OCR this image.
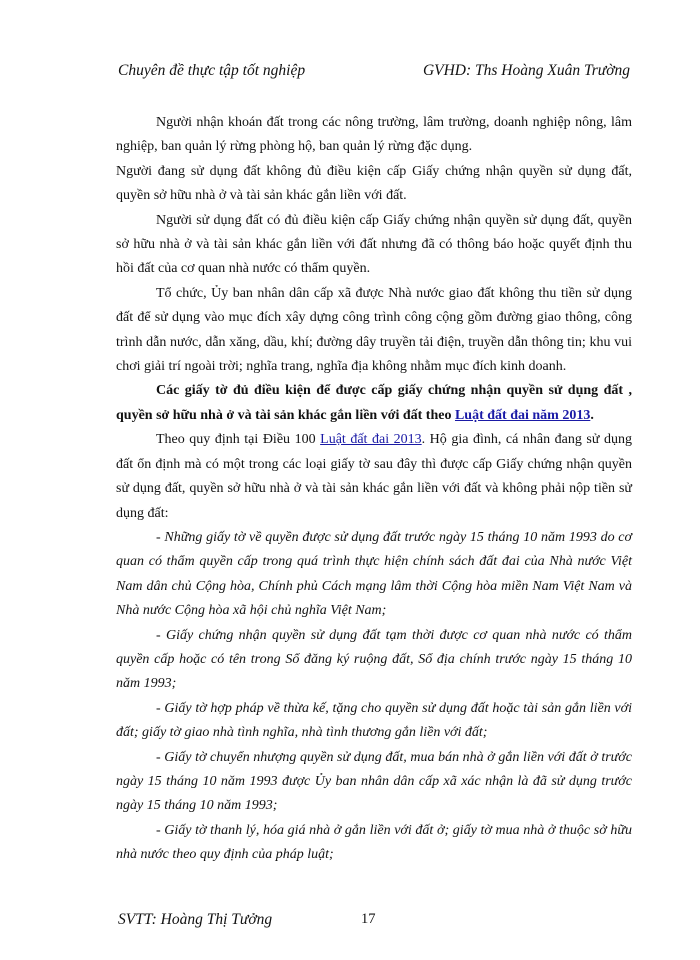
Chuyên đề thực tập tốt nghiệp	GVHD: Ths Hoàng Xuân Trường

Người nhận khoán đất trong các nông trường, lâm trường, doanh nghiệp nông, lâm nghiệp, ban quản lý rừng phòng hộ, ban quản lý rừng đặc dụng.

Người đang sử dụng đất không đủ điều kiện cấp Giấy chứng nhận quyền sử dụng đất, quyền sở hữu nhà ở và tài sản khác gắn liền với đất.

Người sử dụng đất có đủ điều kiện cấp Giấy chứng nhận quyền sử dụng đất, quyền sở hữu nhà ở và tài sản khác gắn liền với đất nhưng đã có thông báo hoặc quyết định thu hồi đất của cơ quan nhà nước có thẩm quyền.

Tổ chức, Ủy ban nhân dân cấp xã được Nhà nước giao đất không thu tiền sử dụng đất để sử dụng vào mục đích xây dựng công trình công cộng gồm đường giao thông, công trình dẫn nước, dẫn xăng, dầu, khí; đường dây truyền tải điện, truyền dẫn thông tin; khu vui chơi giải trí ngoài trời; nghĩa trang, nghĩa địa không nhằm mục đích kinh doanh.

Các giấy tờ đủ điều kiện để được cấp giấy chứng nhận quyền sử dụng đất , quyền sở hữu nhà ở và tài sản khác gắn liền với đất theo Luật đất đai năm 2013.

Theo quy định tại Điều 100 Luật đất đai 2013. Hộ gia đình, cá nhân đang sử dụng đất ổn định mà có một trong các loại giấy tờ sau đây thì được cấp Giấy chứng nhận quyền sử dụng đất, quyền sở hữu nhà ở và tài sản khác gắn liền với đất và không phải nộp tiền sử dụng đất:

- Những giấy tờ về quyền được sử dụng đất trước ngày 15 tháng 10 năm 1993 do cơ quan có thẩm quyền cấp trong quá trình thực hiện chính sách đất đai của Nhà nước Việt Nam dân chủ Cộng hòa, Chính phủ Cách mạng lâm thời Cộng hòa miền Nam Việt Nam và Nhà nước Cộng hòa xã hội chủ nghĩa Việt Nam;

- Giấy chứng nhận quyền sử dụng đất tạm thời được cơ quan nhà nước có thẩm quyền cấp hoặc có tên trong Sổ đăng ký ruộng đất, Sổ địa chính trước ngày 15 tháng 10 năm 1993;

- Giấy tờ hợp pháp về thừa kế, tặng cho quyền sử dụng đất hoặc tài sản gắn liền với đất; giấy tờ giao nhà tình nghĩa, nhà tình thương gắn liền với đất;

- Giấy tờ chuyển nhượng quyền sử dụng đất, mua bán nhà ở gắn liền với đất ở trước ngày 15 tháng 10 năm 1993 được Ủy ban nhân dân cấp xã xác nhận là đã sử dụng trước ngày 15 tháng 10 năm 1993;

- Giấy tờ thanh lý, hóa giá nhà ở gắn liền với đất ở; giấy tờ mua nhà ở thuộc sở hữu nhà nước theo quy định của pháp luật;

SVTT: Hoàng Thị Tưởng	17
